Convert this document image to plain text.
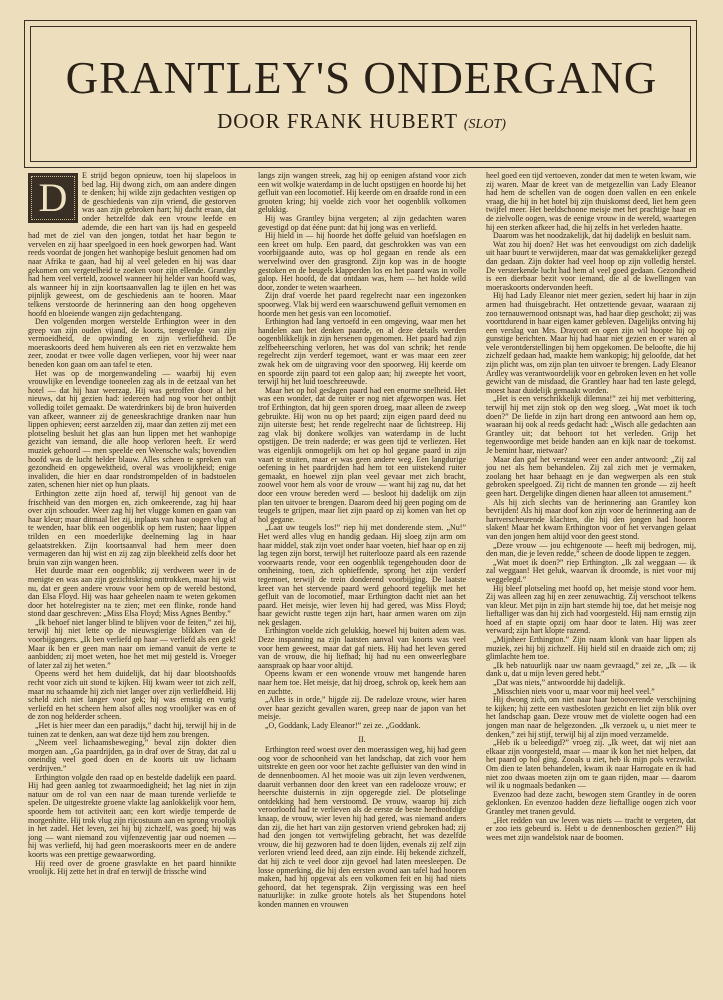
GRANTLEY'S ONDERGANG
DOOR FRANK HUBERT (SLOT)
D	E strijd begon opnieuw, toen hij slapeloos in bed lag. Hij dwong zich, om aan andere dingen te denken; hij wilde zijn gedachten vestigen op de geschiedenis van zijn vriend, die gestorven was aan zijn gebroken hart; hij dacht eraan, dat onder hetzelfde dak een vrouw leefde en ademde, die een hart van ijs had en gespeeld had met de ziel van den jongen, totdat het haar begon te vervelen en zij haar speelgoed in een hoek geworpen had. Want reeds voordat de jongen het wanhopige besluit genomen had om naar Afrika te gaan, had hij al veel geleden en hij was daar gekomen om vergetelheid te zoeken voor zijn ellende. Grantley had hem veel verteld, zoowel wanneer hij helder van hoofd was, als wanneer hij in zijn koortsaanvallen lag te ijlen en het was pijnlijk geweest, om de geschiedenis aan te hooren. Maar telkens verstoorde de herinnering aan den hoog opgeheven hoofd en bloeiende wangen zijn gedachtengang.

Den volgenden morgen werstelde Erthington weer in den greep van zijn ouden vijand, de koorts, tengevolge van zijn vermoeidheid, de opwinding en zijn verliefdheid. De moeraskoorts deed hem huiveren als een riet en verzwakte hem zeer, zoodat er twee volle dagen verliepen, voor hij weer naar beneden kon gaan om aan tafel te eten.

Het was op de morgenwandeling — waarbij hij even vrouwlijke en levendige tooneelen zag als in de eetzaal van het hotel — dat hij haar weerzag. Hij was getroffen door al het nieuws, dat hij gezien had: iedereen had nog voor het ontbijt volledig toilet gemaakt. De waterdrinkers bij de bron huiverden van afkeer, wanneer zij de geneeskrachtige dranken naar hun lippen ophieven; eerst aarzelden zij, maar dan zetten zij met een plotseling besluit het glas aan hun lippen met het wanhopige gezicht van iemand, die alle hoop verloren heeft. Er werd muziek gehoord — men speelde een Weensche wals; bovendien hoofd was de lucht helder blauw. Alles scheen te spreken van gezondheid en opgewektheid, overal was vroolijkheid; enige invaliden, die hier en daar rondstrompelden of in badstoelen zaten, schenen hier niet op hun plaats.

Erthington zette zijn hoed af, terwijl hij genoot van de frischheid van den morgen en, zich omkeerende, zag hij haar over zijn schouder. Weer zag hij het vlugge komen en gaan van haar kleur; maar ditmaal liet zij, inplaats van haar oogen vlug af te wenden, haar blik een oogenblik op hem rusten; haar lippen trilden en een moederlijke deelneming lag in haar gelaatstrekken. Zijn koortsaanval had hem meer doen vermageren dan hij wist en zij zag zijn bleekheid zelfs door het bruin van zijn wangen heen.

Het duurde maar een oogenblik; zij verdween weer in de menigte en was aan zijn gezichtskring onttrokken, maar hij wist nu, dat er geen andere vrouw voor hem op de wereld bestond, dan Elsa Floyd. Hij was haar geheelen naam te weten gekomen door het hotelregister na te zien; met een flinke, ronde hand stond daar geschreven: „Miss Elsa Floyd; Miss Agnes Bentby.”

„Ik behoef niet langer blind te blijven voor de feiten,” zei hij, terwijl hij niet lette op de nieuwsgierige blikken van de voorbijgangers. „Ik ben verliefd op haar — verliefd als een gek! Maar ik ben er geen man naar om iemand vanuit de verte te aanbidden; zij moet weten, hoe het met mij gesteld is. Vroeger of later zal zij het weten.”

Opeens werd het hem duidelijk, dat hij daar blootshoofds recht voor zich uit stond te kijken. Hij kwam weer tot zich zelf, maar nu schaamde hij zich niet langer over zijn verliefdheid. Hij scheld zich niet langer voor gek; hij was ernstig en vurig verliefd en het scheen hem alsof alles nog vroolijker was en of de zon nog helderder scheen.

„Het is hier meer dan een paradijs,” dacht hij, terwijl hij in de tuinen zat te denken, aan wat deze tijd hem zou brengen.

„Neem veel lichaamsbeweging,” beval zijn dokter dien morgen aan. „Ga paardrijden, ga in draf over de Stray, dat zal u oneindig veel goed doen en de koorts uit uw lichaam verdrijven.”

Erthington volgde den raad op en bestelde dadelijk een paard. Hij had geen aanleg tot zwaarmoedigheid; het lag niet in zijn natuur om de rol van een naar de maan turende verliefde te spelen. De uitgestrekte groene vlakte lag aanlokkelijk voor hem, spoorde hem tot activiteit aan; een kort wiedje temperde de morgenhitte. Hij trok vlug zijn rijcostuum aan en sprong vroolijk in het zadel. Het leven, zei hij bij zichzelf, was goed; hij was jong — want niemand zou vijfenzeventig jaar oud noemen — hij was verliefd, hij had geen moeraskoorts meer en de andere koorts was een prettige gewaarwording.

Hij reed over de groene grasvlakte en het paard hinnikte vroolijk. Hij zette het in draf en terwijl de frissche wind

langs zijn wangen streek, zag hij op eenigen afstand voor zich een wit wolkje waterdamp in de lucht opstijgen en hoorde hij het gefluit van een locomotief. Hij keerde om en draafde rond in een grooten kring; hij voelde zich voor het oogenblik volkomen gelukkig.

Hij was Grantley bijna vergeten; al zijn gedachten waren gevestigd op dat ééne punt: dat hij jong was en verliefd.

Hij hield in — hij hoorde het doffe geluid van hoefslagen en een kreet om hulp. Een paard, dat geschrokken was van een voorbijgaande auto, was op hol gegaan en rende als een wervelwind over den grasgrond. Zijn kop was in de hoogte gestoken en de beugels klapperden los en het paard was in volle galop. Het hoofd, de dat ontdaan was, hem — het holde wild door, zonder te weten waarheen.

Zijn draf voerde het paard regelrecht naar een ingezonken spoorweg. Vlak bij werd een waarschuwend gefluit vernomen en hoorde men het gesis van een locomotief.

Erthington had lang vertoefd in een omgeving, waar men het handelen aan het denken paarde, en al deze details werden oogenblikkelijk in zijn hersenen opgenomen. Het paard had zijn zelfbeheersching verloren, het was dol van schrik; het rende regelrecht zijn verderf tegemoet, want er was maar een zeer zwak hek om de uitgraving voor den spoorweg. Hij keerde om en spoorde zijn paard tot een galop aan; hij zweepte het voort, terwijl hij het luid toeschreeuwde.

Maar het op hol geslagen paard had een enorme snelheid. Het was een wonder, dat de ruiter er nog niet afgeworpen was. Het trof Erthington, dat hij geen sporen droeg, maar alleen de zweep gebruikte. Hij won nu op het paard; zijn eigen paard deed nu zijn uiterste best; het rende regelrecht naar de lichtstreep. Hij zag vlak bij donkere wolkjes van waterdamp in de lucht opstijgen. De trein naderde; er was geen tijd te verliezen. Het was eigenlijk onmogelijk om het op hol gegane paard in zijn vaart te stuiten, maar er was geen andere weg. Een langdurige oefening in het paardrijden had hem tot een uitstekend ruiter gemaakt, en hoewel zijn plan veel gevaar met zich bracht, zoowel voor hem als voor de vrouw — want hij zag nu, dat het door een vrouw bereden werd — besloot hij dadelijk om zijn plan ten uitvoer te brengen. Daarom deed hij geen poging om de teugels te grijpen, maar liet zijn paard op zij komen van het op hol gegane.

„Laat uw teugels los!” riep hij met donderende stem. „Nu!” Het werd alles vlug en handig gedaan. Hij sloeg zijn arm om haar middel, stak zijn voet onder haar voeten, hief haar op en zij lag tegen zijn borst, terwijl het ruiterlooze paard als een razende voorwaarts rende, voor een oogenblik tegengehouden door de omheining, toen, zich ophieffende, sprong het zijn verderf tegemoet, terwijl de trein donderend voorbijging. De laatste kreet van het stervende paard werd gehoord tegelijk met het gefluit van de locomotief, maar Erthington dacht niet aan het paard. Het meisje, wier leven hij had gered, was Miss Floyd; haar gewicht rustte tegen zijn hart, haar armen waren om zijn nek geslagen.

Erthington voelde zich gelukkig, hoewel hij buiten adem was. Deze inspanning na zijn laatsten aanval van koorts was veel voor hem geweest, maar dat gaf niets. Hij had het leven gered van de vrouw, die hij liefhad; hij had nu een onweerlegbare aanspraak op haar voor altijd.

Opeens kwam er een wonende vrouw met hangende haren naar hem toe. Het meisje, dat hij droeg, schrok op, keek hem aan en zuchtte.

„Alles is in orde,” hijgde zij. De radeloze vrouw, wier haren over haar gezicht gevallen waren, greep naar de japon van het meisje.

„O, Goddank, Lady Eleanor!” zei ze. „Goddank.

II.

Erthington reed woest over den moerassigen weg, hij had geen oog voor de schoonheid van het landschap, dat zich voor hem uitstrekte en geen oor voor het zachte gefluister van den wind in de dennenboomen. Al het mooie was uit zijn leven verdwenen, daaruit verbannen door den kreet van een radelooze vrouw; er heerschte duisternis in zijn opgeregde ziel. De plotselinge ontdekking had hem verstoomd. De vrouw, waarop hij zich veroorloofd had te verlieven als de eerste de beste heethoofdige knaap, de vrouw, wier leven hij had gered, was niemand anders dan zij, die het hart van zijn gestorven vriend gebroken had; zij had den jongen tot vertwijfeling gebracht, het was dezelfde vrouw, die hij gezworen had te doen lijden, evenals zij zelf zijn verloren vriend leed deed, aan zijn einde. Hij bekende zichzelf, dat hij zich te veel door zijn gevoel had laten meesleepen. De losse opmerking, die hij den eersten avond aan tafel had hooren maken, had hij opgevat als een volkomen feit en hij had niets gehoord, dat het tegensprak. Zijn vergissing was een heel natuurlijke: in zulke groote hotels als het Stupendons hotel konden mannen en vrouwen

heel goed een tijd vertoeven, zonder dat men te weten kwam, wie zij waren. Maar de kreet van de metgezellin van Lady Eleanor had hem de schellen van de oogen doen vallen en een enkele vraag, die hij in het hotel bij zijn thuiskomst deed, liet hem geen twijfel meer. Het beeldschoone meisje met het prachtige haar en de zielvolle oogen, was de eenige vrouw in de wereld, waartegen hij een sterken afkeer had, die hij zelfs in het verleden haatte.

Daarom was het noodzakelijk, dat hij dadelijk en besluit nam.

Wat zou hij doen? Het was het eenvoudigst om zich dadelijk uit haar buurt te verwijderen, maar dat was gemakkelijker gezegd dan gedaan. Zijn dokter had veel hoop op zijn volledig herstel. De versterkende lucht had hem al veel goed gedaan. Gezondheid is een dierbaar bezit voor iemand, die al de kwellingen van moeraskoorts ondervonden heeft.

Hij had Lady Eleanor niet meer gezien, sedert hij haar in zijn armen had thuisgebracht. Het ontzettende gevaar, waaraan zij zoo ternauwernood ontsnapt was, had haar diep geschokt; zij was voorttdurend in haar eigen kamer gebleven. Dagelijks ontving hij een verslag van Mrs. Draycott en ogen zijn wil hoopte hij op gunstige berichten. Maar hij had haar niet gezien en er waren al vele verontderstellingen bij hem opgekomen. De beloofte, die hij zichzelf gedaan had, maakte hem wankopig; hij geloofde, dat het zijn plicht was, om zijn plan ten uitvoer te brengen. Lady Eleanor Ardley was verantwoordelijk voor en gebroken leven en het volle gewicht van de misdaad, die Grantley haar had ten laste gelegd, moest haar duidelijk gemaakt worden.

„Het is een verschrikkelijk dilemna!” zei hij met verbittering, terwijl hij met zijn stok op den weg sloeg. „Wat moet ik toch doen?” De liefde in zijn hart drong een antwoord aan hem op, waaraan hij ook al reeds gedacht had: „Wisch alle gedachten aan Grantley uit; dat behoort tot het verleden. Grijp het tegenwoordige met beide handen aan en kijk naar de toekomst. Je bemint haar, nietwaar?

Maar dan gaf het verstand weer een ander antwoord: „Zij zal jou net als hem behandelen. Zij zal zich met je vermaken, zoolang het haar behaagt en je dan wegwerpen als een stuk gebroken speelgoed. Zij richt de mannen ten gronde — zij heeft geen hart. Dergelijke dingen dienen haar alleen tot amusement.”

Als hij zich slechts van de herinnering aan Grantley kon bevrijden! Als hij maar doof kon zijn voor de herinnering aan de hartverscheurende klachten, die hij den jongen had hooren slaken! Maar het kwam Erthington voor of het vervangen gelaat van den jongen hem altijd voor den geest stond.

„Deze vrouw — jou echtgenoote — heeft mij bedrogen, mij, den man, die je leven redde,” scheen de doode lippen te zeggen.

„Wat moet ik doen?” riep Erthington. „Ik zal weggaan — ik zal weggaan! Het geluk, waarvan ik droomde, is niet voor mij weggelegd.”

Hij bleef plotseling met hoofd op, het meisje stond voor hem. Zij was alleen zag hij en zeer zenuwachtig. Zij verschoot telkens van kleur. Met pijn in zijn hart stemde hij toe, dat het meisje nog lieftalliger was dan hij zich had voorgesteld. Hij nam ernstig zijn hoed af en stapte opzij om haar door te laten. Hij was zeer verward; zijn hart klopte razend.

„Mijnheer Erthington.” Zijn naam klonk van haar lippen als muziek, zei hij bij zichzelf. Hij hield stil en draaide zich om; zij glimlachte hem toe.

„Ik heb natuurlijk naar uw naam gevraagd,” zei ze, „Ik — ik dank u, dat u mijn leven gered hebt.”

„Dat was niets,” antwoordde hij dadelijk.

„Misschien niets voor u, maar voor mij heel veel.”

Hij dwong zich, om niet naar haar betooverende verschijning te kijken; hij zette een vastbesloten gezicht en liet zijn blik over het landschap gaan. Deze vrouw met de violette oogen had een jongen man naar de helgezonden. „Ik verzoek u, u niet meer te denken,” zei hij stijf, terwijl hij al zijn moed verzamelde.

„Heb ik u beleedigd?” vroeg zij. „Ik weet, dat wij niet aan elkaar zijn voorgesteld, maar — maar ik kon het niet helpen, dat het paard op hol ging. Zooals u ziet, heb ik mijn pols verzwikt. Om dien te laten behandelen, kwam ik naar Harrogate en ik had niet zoo dwaas moeten zijn om te gaan rijden, maar — daarom wil ik u nogmaals bedanken —

Evenzoo had deze zacht, bewogen stem Grantley in de ooren geklonken. En evenzoo hadden deze lieftallige oogen zich voor Grantley met tranen gevuld.

„Het redden van uw leven was niets — tracht te vergeten, dat er zoo iets gebeurd is. Hebt u de dennenboschen gezien?” Hij wees met zijn wandelstok naar de boomen.
